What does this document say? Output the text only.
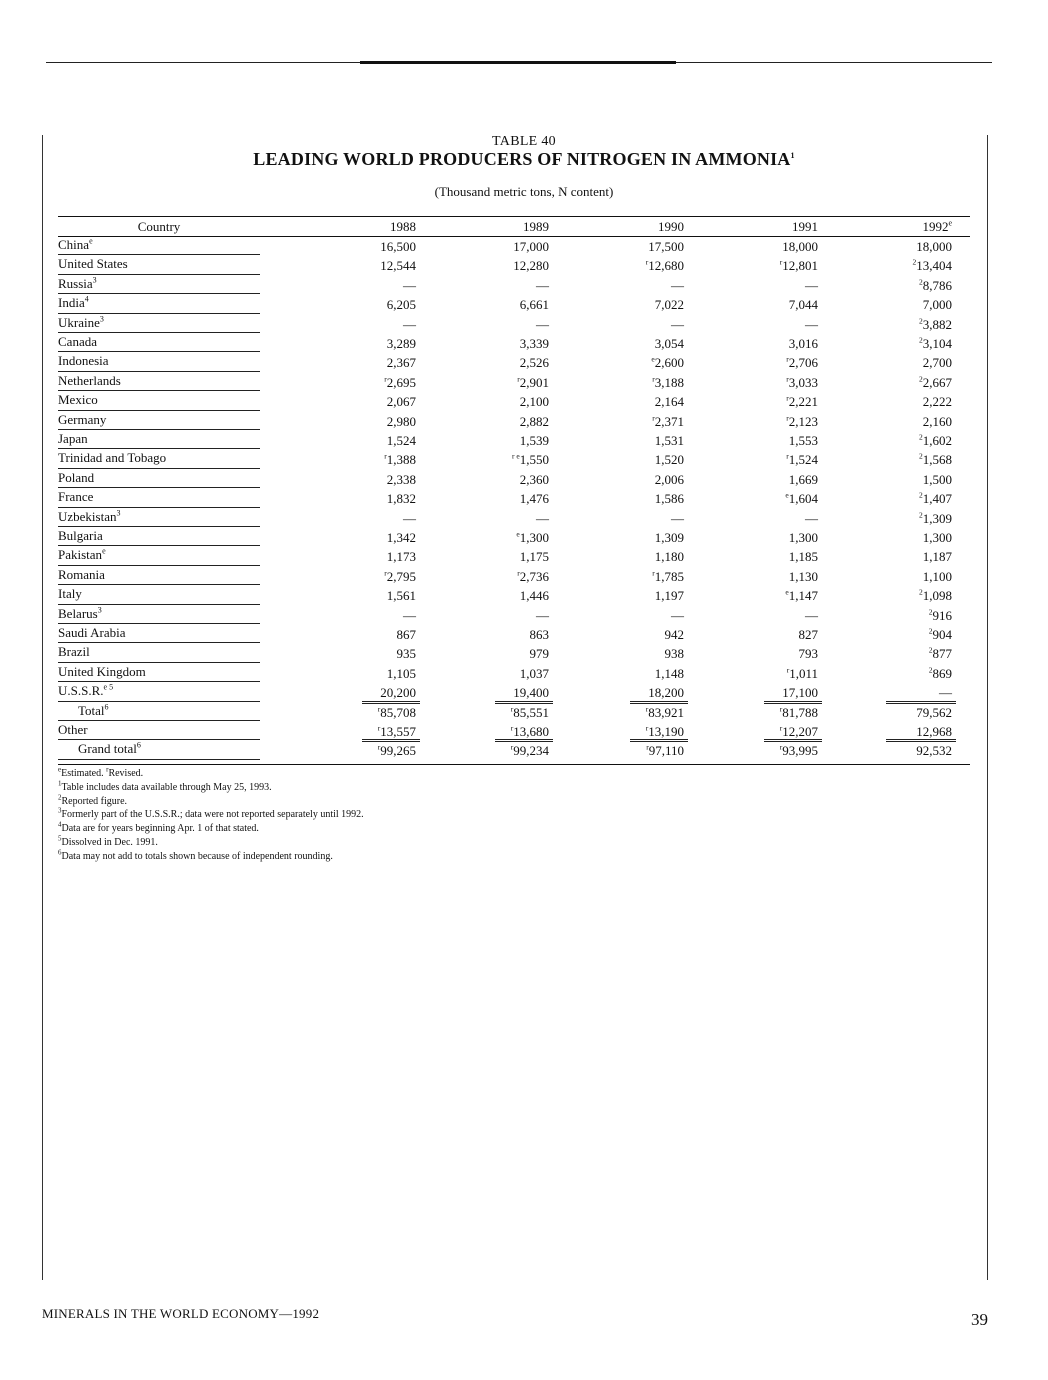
TABLE 40
LEADING WORLD PRODUCERS OF NITROGEN IN AMMONIA$^1$
(Thousand metric tons, N content)
Country	1988	1989	1990	1991	1992e
China$^e$	16,500	17,000	17,500	18,000	18,000
United States	12,544	12,280	$^r$12,680	$^r$12,801	$^2$13,404
Russia$^3$	—	—	—	—	$^2$8,786
India$^4$	6,205	6,661	7,022	7,044	7,000
Ukraine$^3$	—	—	—	—	$^2$3,882
Canada	3,289	3,339	3,054	3,016	$^2$3,104
Indonesia	2,367	2,526	$^e$2,600	$^r$2,706	2,700
Netherlands	$^r$2,695	$^r$2,901	$^r$3,188	$^r$3,033	$^2$2,667
Mexico	2,067	2,100	2,164	$^r$2,221	2,222
Germany	2,980	2,882	$^r$2,371	$^r$2,123	2,160
Japan	1,524	1,539	1,531	1,553	$^2$1,602
Trinidad and Tobago	$^r$1,388	$^{r e}$1,550	1,520	$^r$1,524	$^2$1,568
Poland	2,338	2,360	2,006	1,669	1,500
France	1,832	1,476	1,586	$^e$1,604	$^2$1,407
Uzbekistan$^3$	—	—	—	—	$^2$1,309
Bulgaria	1,342	$^e$1,300	1,309	1,300	1,300
Pakistan$^e$	1,173	1,175	1,180	1,185	1,187
Romania	$^r$2,795	$^r$2,736	$^r$1,785	1,130	1,100
Italy	1,561	1,446	1,197	$^e$1,147	$^2$1,098
Belarus$^3$	—	—	—	—	$^2$916
Saudi Arabia	867	863	942	827	$^2$904
Brazil	935	979	938	793	$^2$877
United Kingdom	1,105	1,037	1,148	$^r$1,011	$^2$869
U.S.S.R.$^{e 5}$	20,200	19,400	18,200	17,100	—
Total$^6$	$^r$85,708	$^r$85,551	$^r$83,921	$^r$81,788	79,562
Other	$^r$13,557	$^r$13,680	$^r$13,190	$^r$12,207	12,968
Grand total$^6$	$^r$99,265	$^r$99,234	$^r$97,110	$^r$93,995	92,532
$^e$Estimated. $^r$Revised.
$^1$Table includes data available through May 25, 1993.
$^2$Reported figure.
$^3$Formerly part of the U.S.S.R.; data were not reported separately until 1992.
$^4$Data are for years beginning Apr. 1 of that stated.
$^5$Dissolved in Dec. 1991.
$^6$Data may not add to totals shown because of independent rounding.
MINERALS IN THE WORLD ECONOMY—1992	39
